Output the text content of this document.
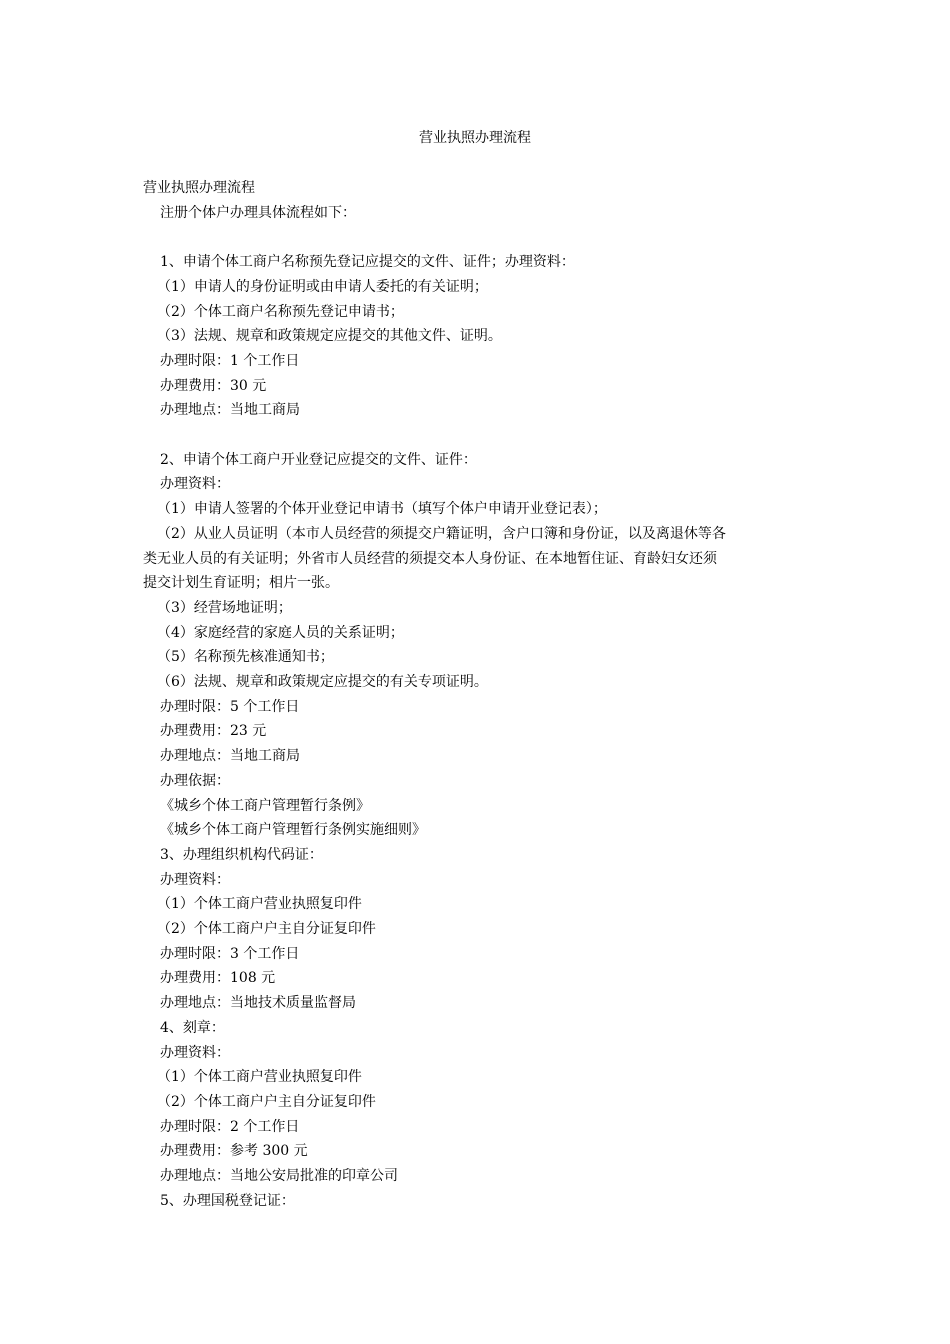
营业执照办理流程
营业执照办理流程
注册个体户办理具体流程如下：
1、申请个体工商户名称预先登记应提交的文件、证件；办理资料：
（1）申请人的身份证明或由申请人委托的有关证明；
（2）个体工商户名称预先登记申请书；
（3）法规、规章和政策规定应提交的其他文件、证明。
办理时限：1 个工作日
办理费用：30 元
办理地点：当地工商局
2、申请个体工商户开业登记应提交的文件、证件：
办理资料：
（1）申请人签署的个体开业登记申请书（填写个体户申请开业登记表）；
（2）从业人员证明（本市人员经营的须提交户籍证明，含户口簿和身份证，以及离退休等各
类无业人员的有关证明；外省市人员经营的须提交本人身份证、在本地暂住证、育龄妇女还须
提交计划生育证明；相片一张。
（3）经营场地证明；
（4）家庭经营的家庭人员的关系证明；
（5）名称预先核准通知书；
（6）法规、规章和政策规定应提交的有关专项证明。
办理时限：5 个工作日
办理费用：23 元
办理地点：当地工商局
办理依据：
《城乡个体工商户管理暂行条例》
《城乡个体工商户管理暂行条例实施细则》
3、办理组织机构代码证：
办理资料：
（1）个体工商户营业执照复印件
（2）个体工商户户主自分证复印件
办理时限：3 个工作日
办理费用：108 元
办理地点：当地技术质量监督局
4、刻章：
办理资料：
（1）个体工商户营业执照复印件
（2）个体工商户户主自分证复印件
办理时限：2 个工作日
办理费用：参考 300 元
办理地点：当地公安局批准的印章公司
5、办理国税登记证：
